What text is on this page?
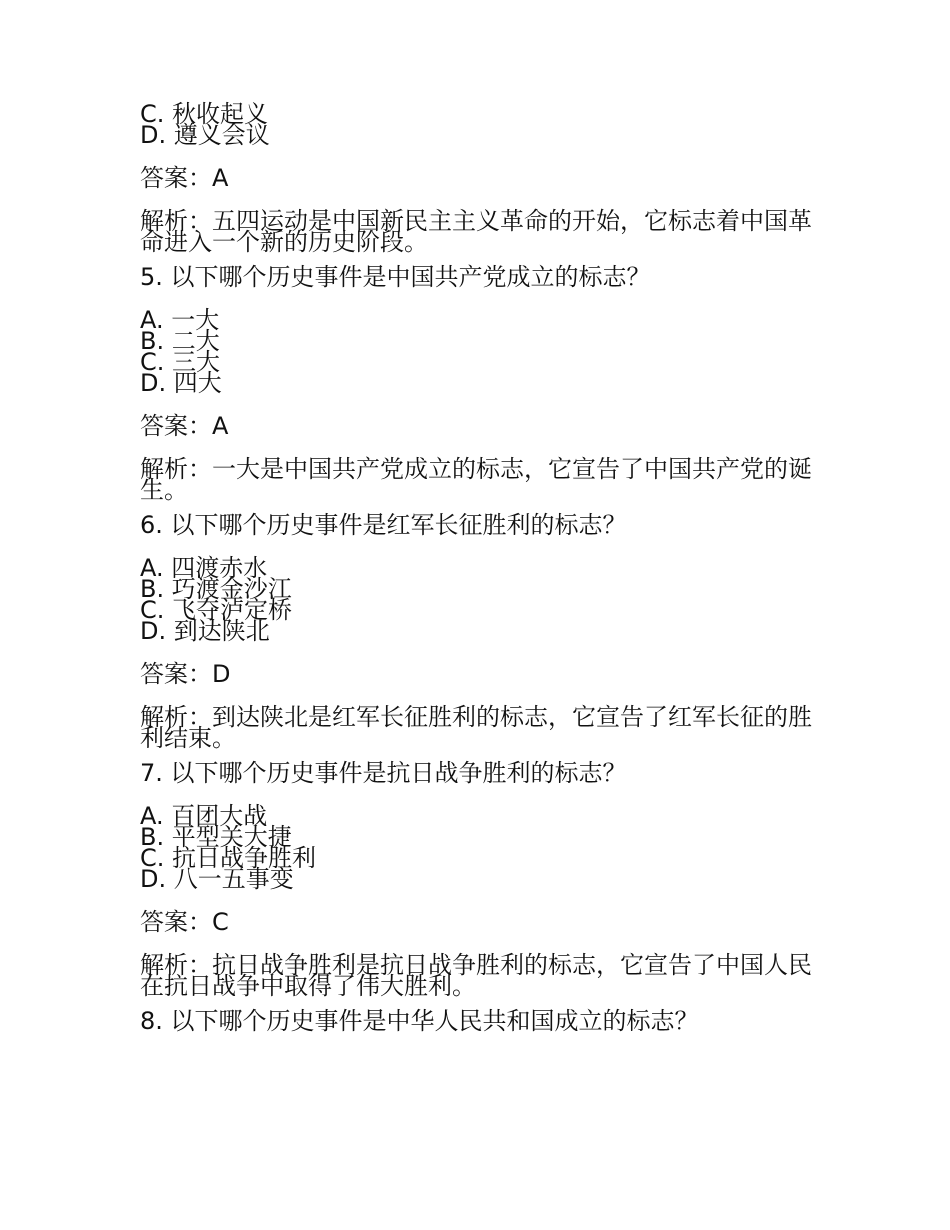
C. 秋收起义
D. 遵义会议
答案：A
解析：五四运动是中国新民主主义革命的开始，它标志着中国革命进入一个新的历史阶段。
5. 以下哪个历史事件是中国共产党成立的标志？
A. 一大
B. 二大
C. 三大
D. 四大
答案：A
解析：一大是中国共产党成立的标志，它宣告了中国共产党的诞生。
6. 以下哪个历史事件是红军长征胜利的标志？
A. 四渡赤水
B. 巧渡金沙江
C. 飞夺泸定桥
D. 到达陕北
答案：D
解析：到达陕北是红军长征胜利的标志，它宣告了红军长征的胜利结束。
7. 以下哪个历史事件是抗日战争胜利的标志？
A. 百团大战
B. 平型关大捷
C. 抗日战争胜利
D. 八一五事变
答案：C
解析：抗日战争胜利是抗日战争胜利的标志，它宣告了中国人民在抗日战争中取得了伟大胜利。
8. 以下哪个历史事件是中华人民共和国成立的标志？
